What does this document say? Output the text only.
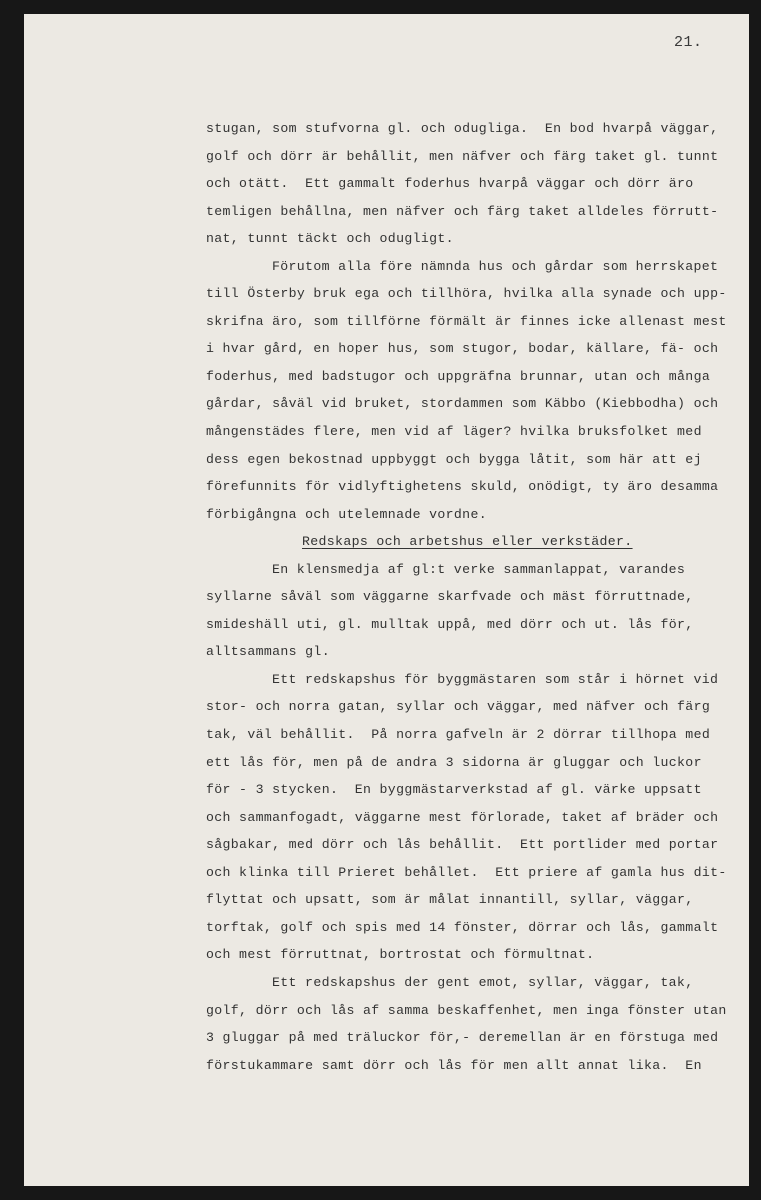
21.
stugan, som stufvorna gl. och odugliga.  En bod hvarpå väggar,
golf och dörr är behållit, men näfver och färg taket gl. tunnt
och otätt.  Ett gammalt foderhus hvarpå väggar och dörr äro
temligen behållna, men näfver och färg taket alldeles förrutt-
nat, tunnt täckt och odugligt.
Förutom alla före nämnda hus och gårdar som herrskapet
till Österby bruk ega och tillhöra, hvilka alla synade och upp-
skrifna äro, som tillförne förmält är finnes icke allenast mest
i hvar gård, en hoper hus, som stugor, bodar, källare, fä- och
foderhus, med badstugor och uppgräfna brunnar, utan och många
gårdar, såväl vid bruket, stordammen som Käbbo (Kiebbodha) och
mångenstädes flere, men vid af läger? hvilka bruksfolket med
dess egen bekostnad uppbyggt och bygga låtit, som här att ej
förefunnits för vidlyftighetens skuld, onödigt, ty äro desamma
förbigångna och utelemnade vordne.
Redskaps och arbetshus eller verkstäder.
En klensmedja af gl:t verke sammanlappat, varandes
syllarne såväl som väggarne skarfvade och mäst förruttnade,
smideshäll uti, gl. mulltak uppå, med dörr och ut. lås för,
alltsammans gl.
Ett redskapshus för byggmästaren som står i hörnet vid
stor- och norra gatan, syllar och väggar, med näfver och färg
tak, väl behållit.  På norra gafveln är 2 dörrar tillhopa med
ett lås för, men på de andra 3 sidorna är gluggar och luckor
för - 3 stycken.  En byggmästarverkstad af gl. värke uppsatt
och sammanfogadt, väggarne mest förlorade, taket af bräder och
sågbakar, med dörr och lås behållit.  Ett portlider med portar
och klinka till Prieret behållet.  Ett priere af gamla hus dit-
flyttat och upsatt, som är målat innantill, syllar, väggar,
torftak, golf och spis med 14 fönster, dörrar och lås, gammalt
och mest förruttnat, bortrostat och förmultnat.
Ett redskapshus der gent emot, syllar, väggar, tak,
golf, dörr och lås af samma beskaffenhet, men inga fönster utan
3 gluggar på med träluckor för,- deremellan är en förstuga med
förstukammare samt dörr och lås för men allt annat lika.  En
